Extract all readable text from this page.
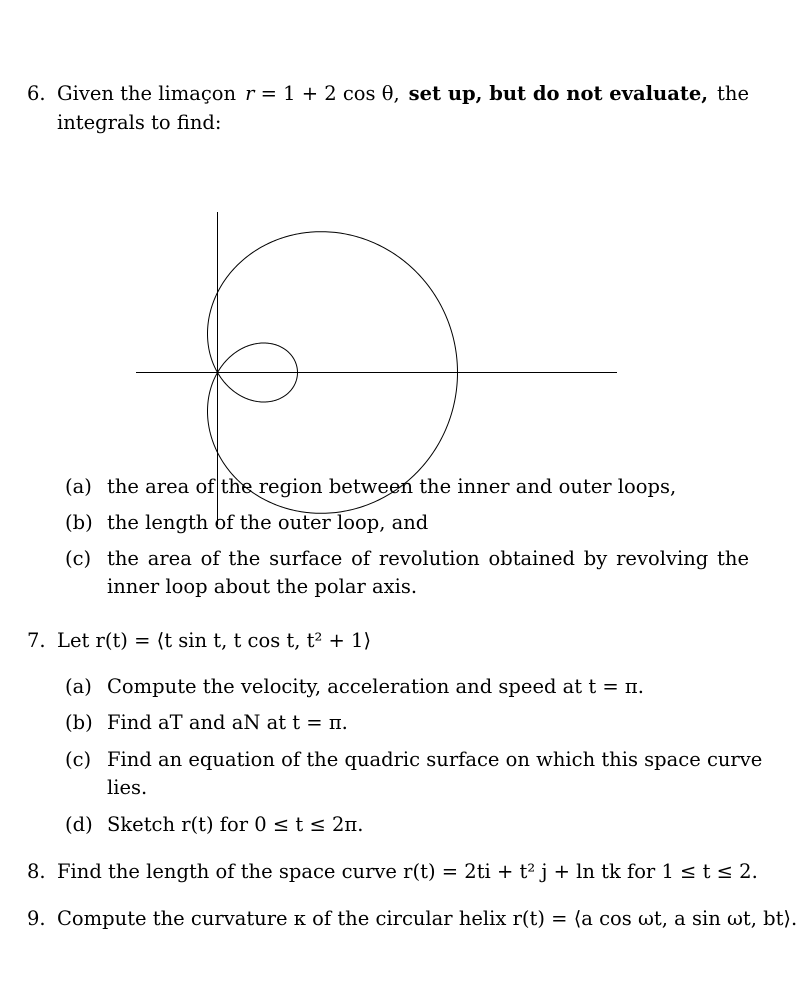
6. Given the limaçon r = 1 + 2 cos θ, set up, but do not evaluate, the
integrals to find:
(a) the area of the region between the inner and outer loops,
(b) the length of the outer loop, and
(c) the area of the surface of revolution obtained by revolving the
inner loop about the polar axis.
7. Let r(t) = ⟨t sin t, t cos t, t² + 1⟩
(a) Compute the velocity, acceleration and speed at t = π.
(b) Find aT and aN at t = π.
(c) Find an equation of the quadric surface on which this space curve
lies.
(d) Sketch r(t) for 0 ≤ t ≤ 2π.
8. Find the length of the space curve r(t) = 2ti + t² j + ln tk for 1 ≤ t ≤ 2.
9. Compute the curvature κ of the circular helix r(t) = ⟨a cos ωt, a sin ωt, bt⟩.
